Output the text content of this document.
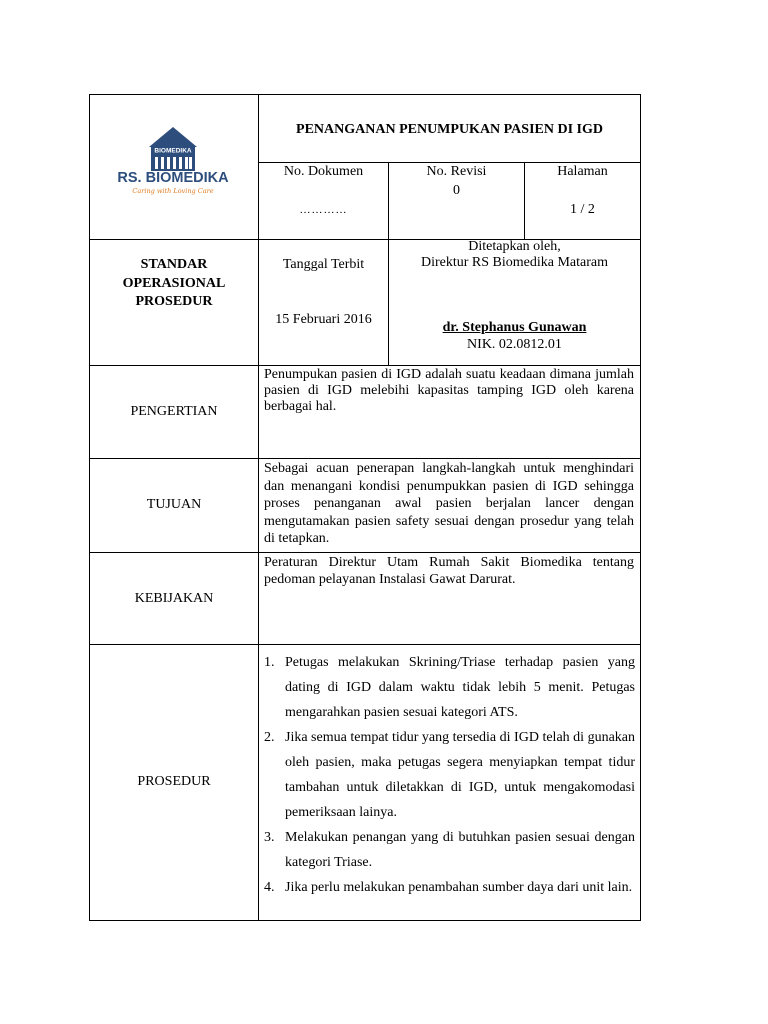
BIOMEDIKA
RS. BIOMEDIKA
Caring with Loving Care
PENANGANAN PENUMPUKAN PASIEN DI IGD
No. Dokumen
…………
No. Revisi
0
Halaman
1 / 2
STANDAR
OPERASIONAL
PROSEDUR
Tanggal Terbit
15 Februari 2016
Ditetapkan oleh,
Direktur RS Biomedika Mataram
dr. Stephanus Gunawan
NIK. 02.0812.01
PENGERTIAN
Penumpukan pasien di IGD adalah suatu keadaan dimana jumlah pasien di IGD melebihi kapasitas tamping IGD oleh karena berbagai hal.
TUJUAN
Sebagai acuan penerapan langkah-langkah untuk menghindari dan menangani kondisi penumpukkan pasien di IGD sehingga proses penanganan awal pasien berjalan lancer dengan mengutamakan pasien safety sesuai dengan prosedur yang telah di tetapkan.
KEBIJAKAN
Peraturan Direktur Utam Rumah Sakit Biomedika tentang pedoman pelayanan Instalasi Gawat Darurat.
PROSEDUR
1. Petugas melakukan Skrining/Triase terhadap pasien yang dating di IGD dalam waktu tidak lebih 5 menit. Petugas mengarahkan pasien sesuai kategori ATS.
2. Jika semua tempat tidur yang tersedia di IGD telah di gunakan oleh pasien, maka petugas segera menyiapkan tempat tidur tambahan untuk diletakkan di IGD, untuk mengakomodasi pemeriksaan lainya.
3. Melakukan penangan yang di butuhkan pasien sesuai dengan kategori Triase.
4. Jika perlu melakukan penambahan sumber daya dari unit lain.
